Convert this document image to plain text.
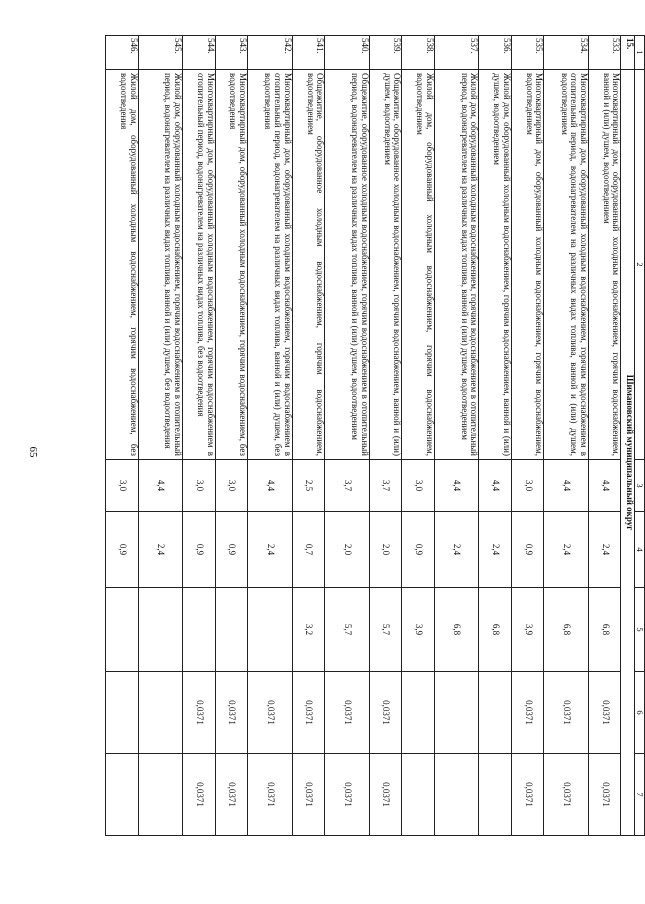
65
1	2	3	4	5	6	7
15.	Шимановский муниципальный округ					
533.	Многоквартирный дом, оборудованный холодным водоснабжением, горячим водоснабжением, ванной и (или) душем, водоотведением	4,4	2,4	6,8	0,0371	0,0371
534.	Многоквартирный дом, оборудованный холодным водоснабжением, горячим водоснабжением в отопительный период, водонагревателем на различных видах топлива, ванной и (или) душем, водоотведением	4,4	2,4	6,8	0,0371	0,0371
535.	Многоквартирный дом, оборудованный холодным водоснабжением, горячим водоснабжением, водоотведением	3,0	0,9	3,9	0,0371	0,0371
536.	Жилой дом, оборудованный холодным водоснабжением, горячим водоснабжением, ванной и (или) душем, водоотведением	4,4	2,4	6,8		
537.	Жилой дом, оборудованный холодным водоснабжением, горячим водоснабжением в отопительный период, водонагревателем на различных видах топлива, ванной и (или) душем, водоотведением	4,4	2,4	6,8		
538.	Жилой дом, оборудованный холодным водоснабжением, горячим водоснабжением, водоотведением	3,0	0,9	3,9		
539.	Общежитие, оборудованное холодным водоснабжением, горячим водоснабжением, ванной и (или) душем, водоотведением	3,7	2,0	5,7	0,0371	0,0371
540.	Общежитие, оборудованное холодным водоснабжением, горячим водоснабжением в отопительный период, водонагревателем на различных видах топлива, ванной и (или) душем, водоотведением	3,7	2,0	5,7	0,0371	0,0371
541.	Общежитие, оборудованное холодным водоснабжением, горячим водоснабжением, водоотведением	2,5	0,7	3,2	0,0371	0,0371
542.	Многоквартирный дом, оборудованный холодным водоснабжением, горячим водоснабжением в отопительный период, водонагревателем на различных видах топлива, ванной и (или) душем, без водоотведения	4,4	2,4		0,0371	0,0371
543.	Многоквартирный дом, оборудованный холодным водоснабжением, горячим водоснабжением, без водоотведения	3,0	0,9		0,0371	0,0371
544.	Многоквартирный дом, оборудованный холодным водоснабжением, горячим водоснабжением в отопительный период, водонагревателем на различных видах топлива, без водоотведения	3,0	0,9		0,0371	0,0371
545.	Жилой дом, оборудованный холодным водоснабжением, горячим водоснабжением в отопительный период, водонагревателем на различных видах топлива, ванной и (или) душем, без водоотведения	4,4	2,4			
546.	Жилой дом, оборудованный холодным водоснабжением, горячим водоснабжением, без водоотведения	3,0	0,9			
